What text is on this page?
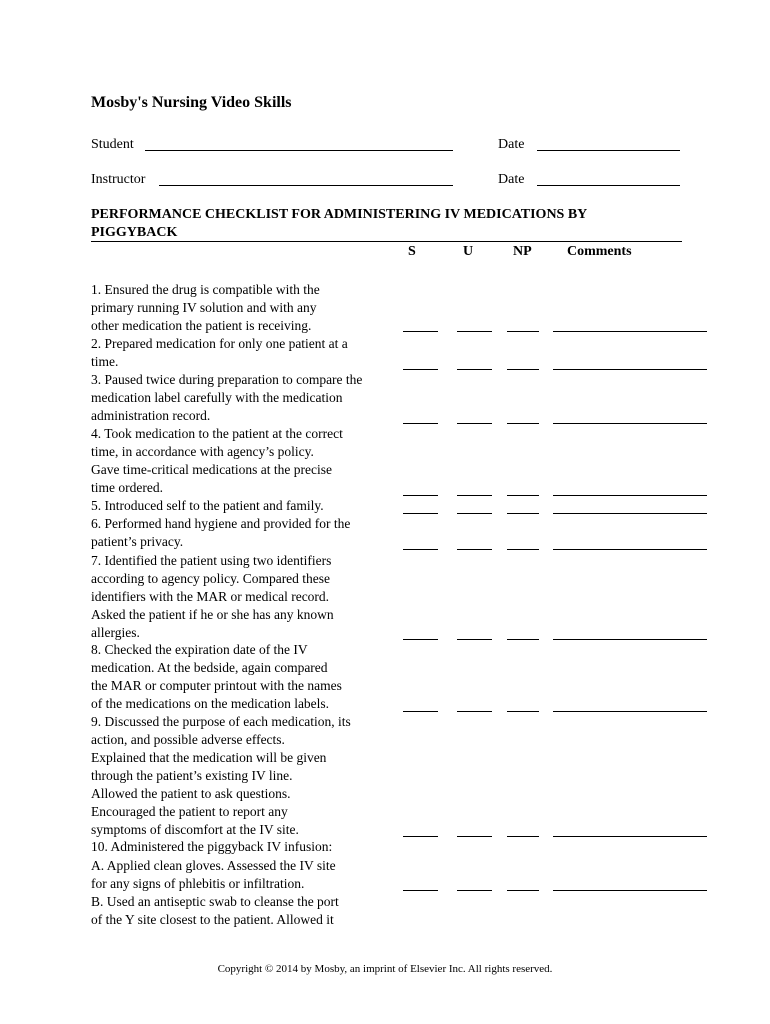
Mosby's Nursing Video Skills
Student	Date
Instructor	Date
PERFORMANCE CHECKLIST FOR ADMINISTERING IV MEDICATIONS BY
PIGGYBACK
S	U	NP	Comments
1. Ensured the drug is compatible with the
primary running IV solution and with any
other medication the patient is receiving.
2. Prepared medication for only one patient at a
time.
3. Paused twice during preparation to compare the
medication label carefully with the medication
administration record.
4. Took medication to the patient at the correct
time, in accordance with agency’s policy.
Gave time-critical medications at the precise
time ordered.
5. Introduced self to the patient and family.
6. Performed hand hygiene and provided for the
patient’s privacy.
7. Identified the patient using two identifiers
according to agency policy. Compared these
identifiers with the MAR or medical record.
Asked the patient if he or she has any known
allergies.
8. Checked the expiration date of the IV
medication. At the bedside, again compared
the MAR or computer printout with the names
of the medications on the medication labels.
9. Discussed the purpose of each medication, its
action, and possible adverse effects.
Explained that the medication will be given
through the patient’s existing IV line.
Allowed the patient to ask questions.
Encouraged the patient to report any
symptoms of discomfort at the IV site.
10. Administered the piggyback IV infusion:
A. Applied clean gloves. Assessed the IV site
for any signs of phlebitis or infiltration.
B. Used an antiseptic swab to cleanse the port
of the Y site closest to the patient. Allowed it
Copyright © 2014 by Mosby, an imprint of Elsevier Inc. All rights reserved.
